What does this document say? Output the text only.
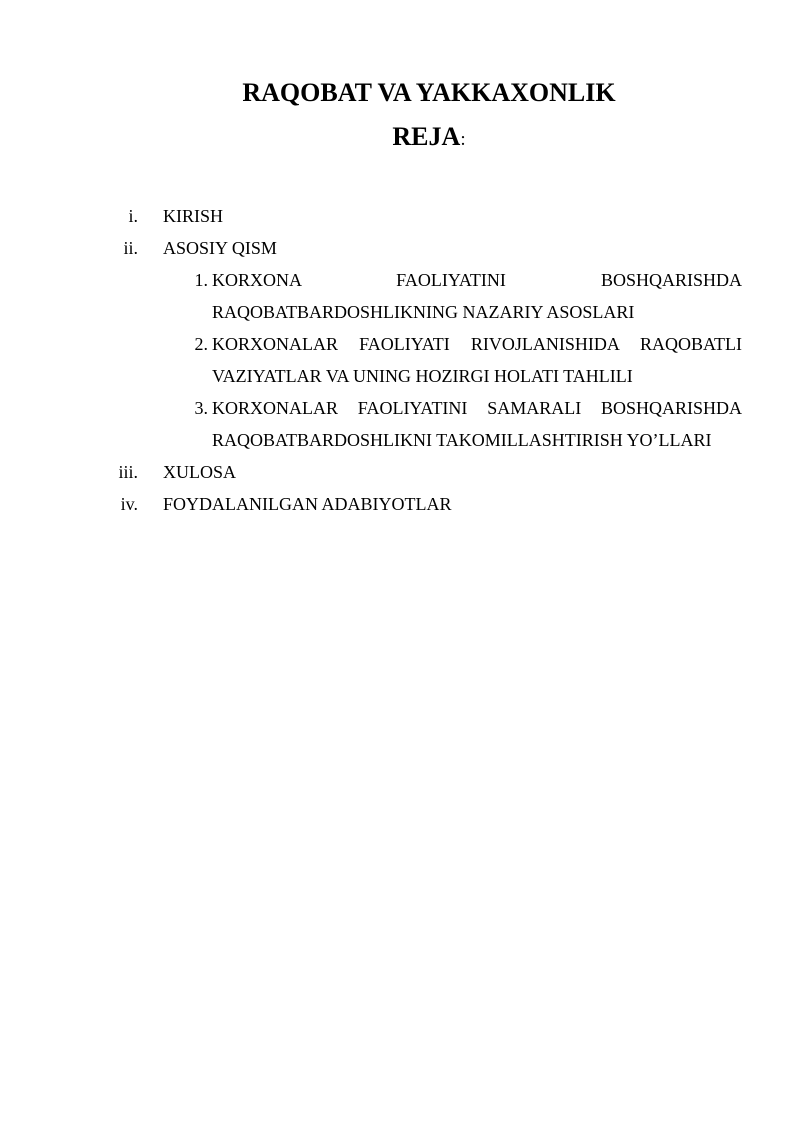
RAQOBAT VA YAKKAXONLIK
REJA:
i. KIRISH
ii. ASOSIY QISM
1. KORXONA FAOLIYATINI BOSHQARISHDA RAQOBATBARDOSHLIKNING NAZARIY ASOSLARI
2. KORXONALAR FAOLIYATI RIVOJLANISHIDA RAQOBATLI VAZIYATLAR VA UNING HOZIRGI HOLATI TAHLILI
3. KORXONALAR FAOLIYATINI SAMARALI BOSHQARISHDA RAQOBATBARDOSHLIKNI TAKOMILLASHTIRISH YO’LLARI
iii. XULOSA
iv. FOYDALANILGAN ADABIYOTLAR
